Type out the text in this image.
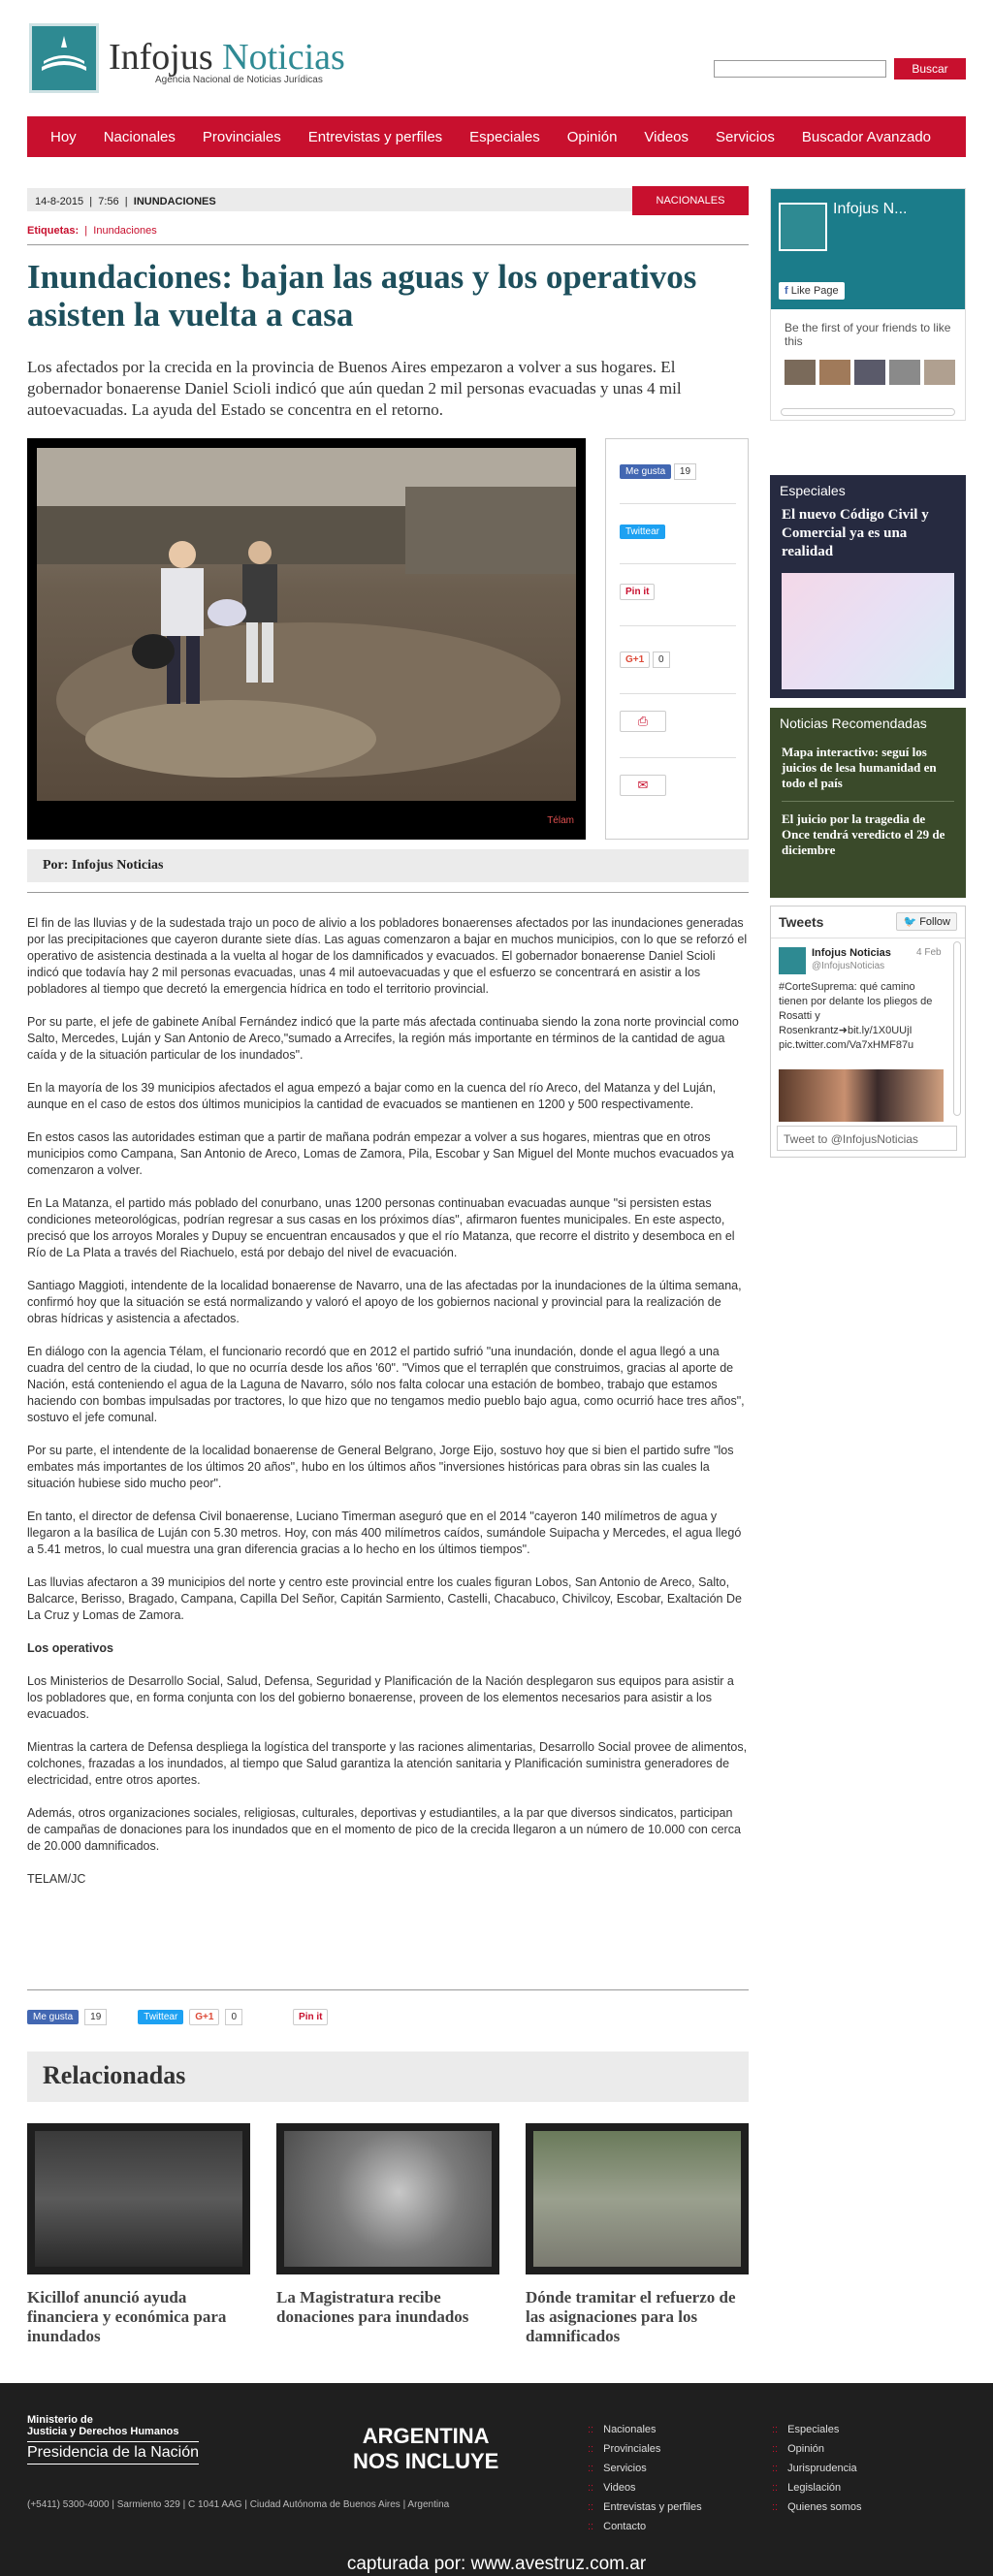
Infojus Noticias
Agencia Nacional de Noticias Jurídicas
Buscar
Hoy	Nacionales	Provinciales	Entrevistas y perfiles	Especiales	Opinión	Videos	Servicios	Buscador Avanzado
14-8-2015  |  7:56  |  INUNDACIONES	NACIONALES
Etiquetas:  |  Inundaciones
Inundaciones: bajan las aguas y los operativos asisten la vuelta a casa

Los afectados por la crecida en la provincia de Buenos Aires empezaron a volver a sus hogares. El gobernador bonaerense Daniel Scioli indicó que aún quedan 2 mil personas evacuadas y unas 4 mil autoevacuadas. La ayuda del Estado se concentra en el retorno.

Télam
Me gusta 19
Twittear
Pin it
G+1 0
⎙
✉
Por: Infojus Noticias

El fin de las lluvias y de la sudestada trajo un poco de alivio a los pobladores bonaerenses afectados por las inundaciones generadas por las precipitaciones que cayeron durante siete días. Las aguas comenzaron a bajar en muchos municipios, con lo que se reforzó el operativo de asistencia destinada a la vuelta al hogar de los damnificados y evacuados. El gobernador bonaerense Daniel Scioli indicó que todavía hay 2 mil personas evacuadas, unas 4 mil autoevacuadas y que el esfuerzo se concentrará en asistir a los pobladores al tiempo que decretó la emergencia hídrica en todo el territorio provincial.

Por su parte, el jefe de gabinete Aníbal Fernández indicó que la parte más afectada continuaba siendo la zona norte provincial como Salto, Mercedes, Luján y San Antonio de Areco,"sumado a Arrecifes, la región más importante en términos de la cantidad de agua caída y de la situación particular de los inundados".

En la mayoría de los 39 municipios afectados el agua empezó a bajar como en la cuenca del río Areco, del Matanza y del Luján, aunque en el caso de estos dos últimos municipios la cantidad de evacuados se mantienen en 1200 y 500 respectivamente.

En estos casos las autoridades estiman que a partir de mañana podrán empezar a volver a sus hogares, mientras que en otros municipios como Campana, San Antonio de Areco, Lomas de Zamora, Pila, Escobar y San Miguel del Monte muchos evacuados ya comenzaron a volver.

En La Matanza, el partido más poblado del conurbano, unas 1200 personas continuaban evacuadas aunque "si persisten estas condiciones meteorológicas, podrían regresar a sus casas en los próximos días", afirmaron fuentes municipales. En este aspecto, precisó que los arroyos Morales y Dupuy se encuentran encausados y que el río Matanza, que recorre el distrito y desemboca en el Río de La Plata a través del Riachuelo, está por debajo del nivel de evacuación.

Santiago Maggioti, intendente de la localidad bonaerense de Navarro, una de las afectadas por la inundaciones de la última semana, confirmó hoy que la situación se está normalizando y valoró el apoyo de los gobiernos nacional y provincial para la realización de obras hídricas y asistencia a afectados.

En diálogo con la agencia Télam, el funcionario recordó que en 2012 el partido sufrió "una inundación, donde el agua llegó a una cuadra del centro de la ciudad, lo que no ocurría desde los años '60". "Vimos que el terraplén que construimos, gracias al aporte de Nación, está conteniendo el agua de la Laguna de Navarro, sólo nos falta colocar una estación de bombeo, trabajo que estamos haciendo con bombas impulsadas por tractores, lo que hizo que no tengamos medio pueblo bajo agua, como ocurrió hace tres años", sostuvo el jefe comunal.

Por su parte, el intendente de la localidad bonaerense de General Belgrano, Jorge Eijo, sostuvo hoy que si bien el partido sufre "los embates más importantes de los últimos 20 años", hubo en los últimos años "inversiones históricas para obras sin las cuales la situación hubiese sido mucho peor".

En tanto, el director de defensa Civil bonaerense, Luciano Timerman aseguró que en el 2014 "cayeron 140 milímetros de agua y llegaron a la basílica de Luján con 5.30 metros. Hoy, con más 400 milímetros caídos, sumándole Suipacha y Mercedes, el agua llegó a 5.41 metros, lo cual muestra una gran diferencia gracias a lo hecho en los últimos tiempos".

Las lluvias afectaron a 39 municipios del norte y centro este provincial entre los cuales figuran Lobos, San Antonio de Areco, Salto, Balcarce, Berisso, Bragado, Campana, Capilla Del Señor, Capitán Sarmiento, Castelli, Chacabuco, Chivilcoy, Escobar, Exaltación De La Cruz y Lomas de Zamora.

Los operativos

Los Ministerios de Desarrollo Social, Salud, Defensa, Seguridad y Planificación de la Nación desplegaron sus equipos para asistir a los pobladores que, en forma conjunta con los del gobierno bonaerense, proveen de los elementos necesarios para asistir a los evacuados.

Mientras la cartera de Defensa despliega la logística del transporte y las raciones alimentarias, Desarrollo Social provee de alimentos, colchones, frazadas a los inundados, al tiempo que Salud garantiza la atención sanitaria y Planificación suministra generadores de electricidad, entre otros aportes.

Además, otros organizaciones sociales, religiosas, culturales, deportivas y estudiantiles, a la par que diversos sindicatos, participan de campañas de donaciones para los inundados que en el momento de pico de la crecida llegaron a un número de 10.000 con cerca de 20.000 damnificados.

TELAM/JC

Me gusta	19	Twittear	G+1	0	Pin it
Relacionadas
Kicillof anunció ayuda financiera y económica para inundados
La Magistratura recibe donaciones para inundados
Dónde tramitar el refuerzo de las asignaciones para los damnificados
Infojus N...
f Like Page
Be the first of your friends to like this
Especiales
El nuevo Código Civil y Comercial ya es una realidad
Noticias Recomendadas
Mapa interactivo: seguí los juicios de lesa humanidad en todo el país
El juicio por la tragedia de Once tendrá veredicto el 29 de diciembre
Tweets	🐦 Follow
Infojus Noticias	4 Feb
@InfojusNoticias
#CorteSuprema: qué camino tienen por delante los pliegos de Rosatti y Rosenkrantz➜bit.ly/1X0UUjI pic.twitter.com/Va7xHMF87u
Tweet to @InfojusNoticias
Ministerio de
Justicia y Derechos Humanos
Presidencia de la Nación
ARGENTINA
NOS INCLUYE
(+5411) 5300-4000 | Sarmiento 329 | C 1041 AAG | Ciudad Autónoma de Buenos Aires | Argentina
:: Nacionales
:: Provinciales
:: Servicios
:: Videos
:: Entrevistas y perfiles
:: Contacto
:: Especiales
:: Opinión
:: Jurisprudencia
:: Legislación
:: Quienes somos
capturada por: www.avestruz.com.ar
